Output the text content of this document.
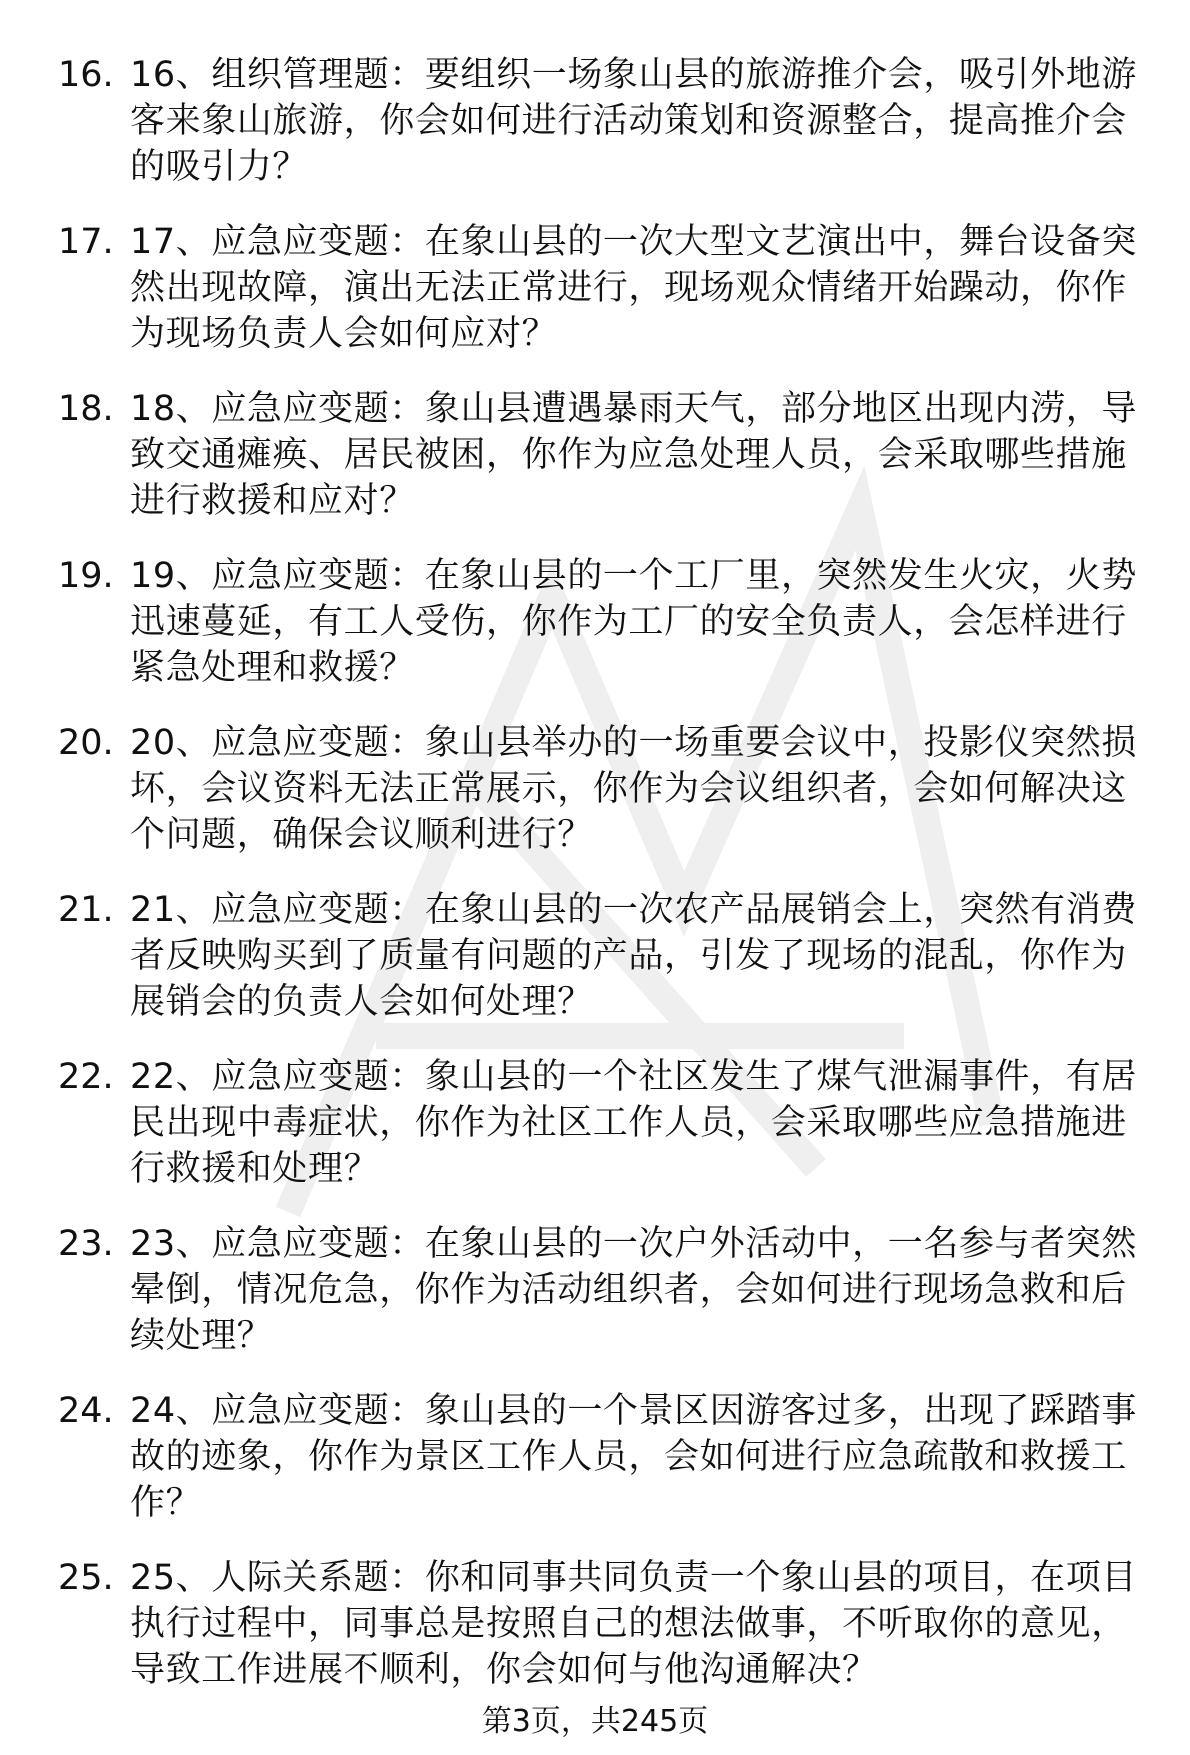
16. 16、组织管理题：要组织一场象山县的旅游推介会，吸引外地游客来象山旅游，你会如何进行活动策划和资源整合，提高推介会的吸引力？
17. 17、应急应变题：在象山县的一次大型文艺演出中，舞台设备突然出现故障，演出无法正常进行，现场观众情绪开始躁动，你作为现场负责人会如何应对？
18. 18、应急应变题：象山县遭遇暴雨天气，部分地区出现内涝，导致交通瘫痪、居民被困，你作为应急处理人员，会采取哪些措施进行救援和应对？
19. 19、应急应变题：在象山县的一个工厂里，突然发生火灾，火势迅速蔓延，有工人受伤，你作为工厂的安全负责人，会怎样进行紧急处理和救援？
20. 20、应急应变题：象山县举办的一场重要会议中，投影仪突然损坏，会议资料无法正常展示，你作为会议组织者，会如何解决这个问题，确保会议顺利进行？
21. 21、应急应变题：在象山县的一次农产品展销会上，突然有消费者反映购买到了质量有问题的产品，引发了现场的混乱，你作为展销会的负责人会如何处理？
22. 22、应急应变题：象山县的一个社区发生了煤气泄漏事件，有居民出现中毒症状，你作为社区工作人员，会采取哪些应急措施进行救援和处理？
23. 23、应急应变题：在象山县的一次户外活动中，一名参与者突然晕倒，情况危急，你作为活动组织者，会如何进行现场急救和后续处理？
24. 24、应急应变题：象山县的一个景区因游客过多，出现了踩踏事故的迹象，你作为景区工作人员，会如何进行应急疏散和救援工作？
25. 25、人际关系题：你和同事共同负责一个象山县的项目，在项目执行过程中，同事总是按照自己的想法做事，不听取你的意见，导致工作进展不顺利，你会如何与他沟通解决？
第3页，共245页
